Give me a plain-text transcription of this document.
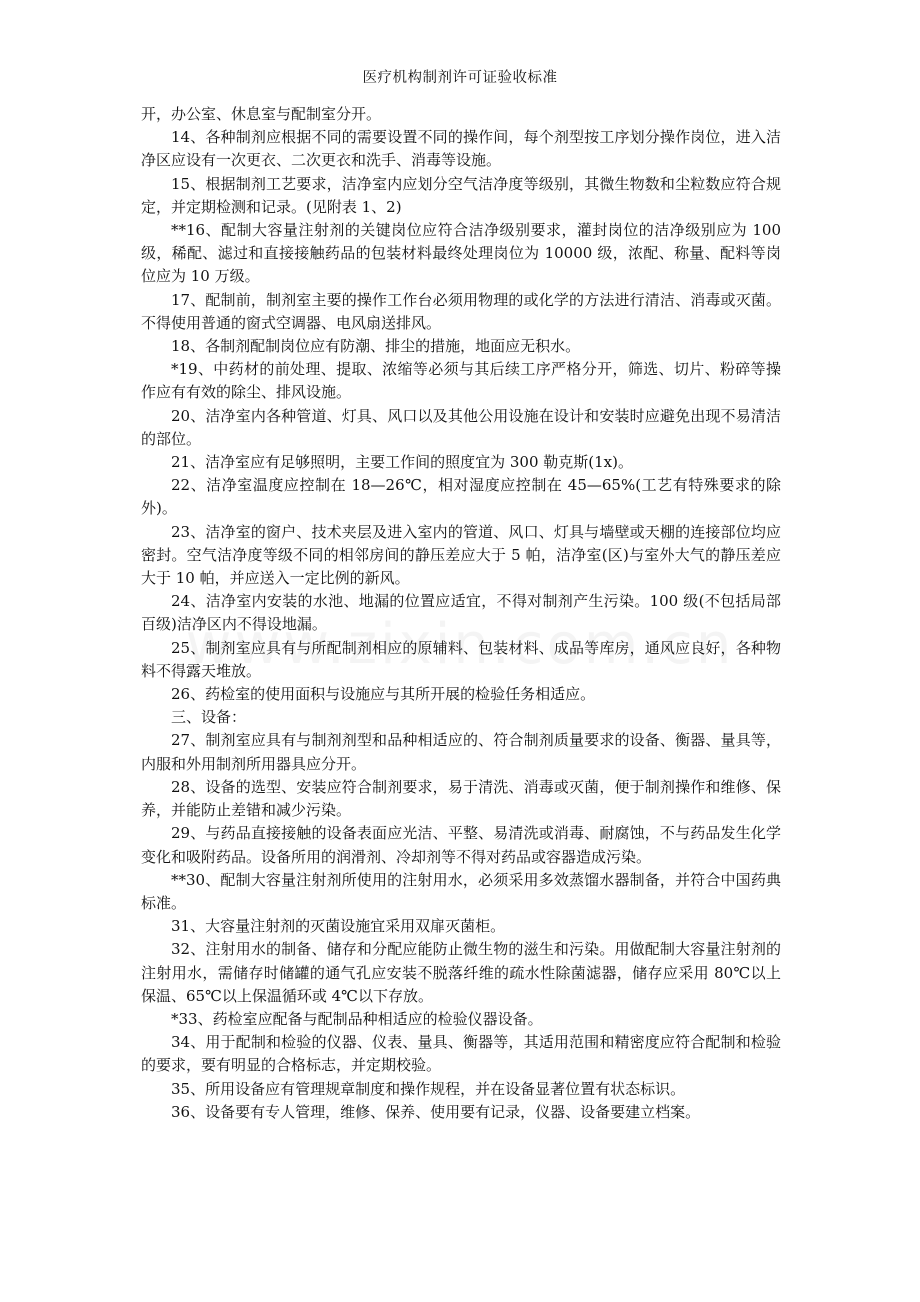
医疗机构制剂许可证验收标准

开，办公室、休息室与配制室分开。

14、各种制剂应根据不同的需要设置不同的操作间，每个剂型按工序划分操作岗位，进入洁净区应设有一次更衣、二次更衣和洗手、消毒等设施。

15、根据制剂工艺要求，洁净室内应划分空气洁净度等级别，其微生物数和尘粒数应符合规定，并定期检测和记录。(见附表 1、2)

**16、配制大容量注射剂的关键岗位应符合洁净级别要求，灌封岗位的洁净级别应为 100 级，稀配、滤过和直接接触药品的包装材料最终处理岗位为 10000 级，浓配、称量、配料等岗位应为 10 万级。

17、配制前，制剂室主要的操作工作台必须用物理的或化学的方法进行清洁、消毒或灭菌。不得使用普通的窗式空调器、电风扇送排风。

18、各制剂配制岗位应有防潮、排尘的措施，地面应无积水。

*19、中药材的前处理、提取、浓缩等必须与其后续工序严格分开，筛选、切片、粉碎等操作应有有效的除尘、排风设施。

20、洁净室内各种管道、灯具、风口以及其他公用设施在设计和安装时应避免出现不易清洁的部位。

21、洁净室应有足够照明，主要工作间的照度宜为 300 勒克斯(1x)。

22、洁净室温度应控制在 18—26℃，相对湿度应控制在 45—65%(工艺有特殊要求的除外)。

23、洁净室的窗户、技术夹层及进入室内的管道、风口、灯具与墙壁或天棚的连接部位均应密封。空气洁净度等级不同的相邻房间的静压差应大于 5 帕，洁净室(区)与室外大气的静压差应大于 10 帕，并应送入一定比例的新风。

24、洁净室内安装的水池、地漏的位置应适宜，不得对制剂产生污染。100 级(不包括局部百级)洁净区内不得设地漏。

25、制剂室应具有与所配制剂相应的原辅料、包装材料、成品等库房，通风应良好，各种物料不得露天堆放。

26、药检室的使用面积与设施应与其所开展的检验任务相适应。

三、设备：

27、制剂室应具有与制剂剂型和品种相适应的、符合制剂质量要求的设备、衡器、量具等，内服和外用制剂所用器具应分开。

28、设备的选型、安装应符合制剂要求，易于清洗、消毒或灭菌，便于制剂操作和维修、保养，并能防止差错和减少污染。

29、与药品直接接触的设备表面应光洁、平整、易清洗或消毒、耐腐蚀，不与药品发生化学变化和吸附药品。设备所用的润滑剂、冷却剂等不得对药品或容器造成污染。

**30、配制大容量注射剂所使用的注射用水，必须采用多效蒸馏水器制备，并符合中国药典标准。

31、大容量注射剂的灭菌设施宜采用双扉灭菌柜。

32、注射用水的制备、储存和分配应能防止微生物的滋生和污染。用做配制大容量注射剂的注射用水，需储存时储罐的通气孔应安装不脱落纤维的疏水性除菌滤器，储存应采用 80℃以上保温、65℃以上保温循环或 4℃以下存放。

*33、药检室应配备与配制品种相适应的检验仪器设备。

34、用于配制和检验的仪器、仪表、量具、衡器等，其适用范围和精密度应符合配制和检验的要求，要有明显的合格标志，并定期校验。

35、所用设备应有管理规章制度和操作规程，并在设备显著位置有状态标识。

36、设备要有专人管理，维修、保养、使用要有记录，仪器、设备要建立档案。
